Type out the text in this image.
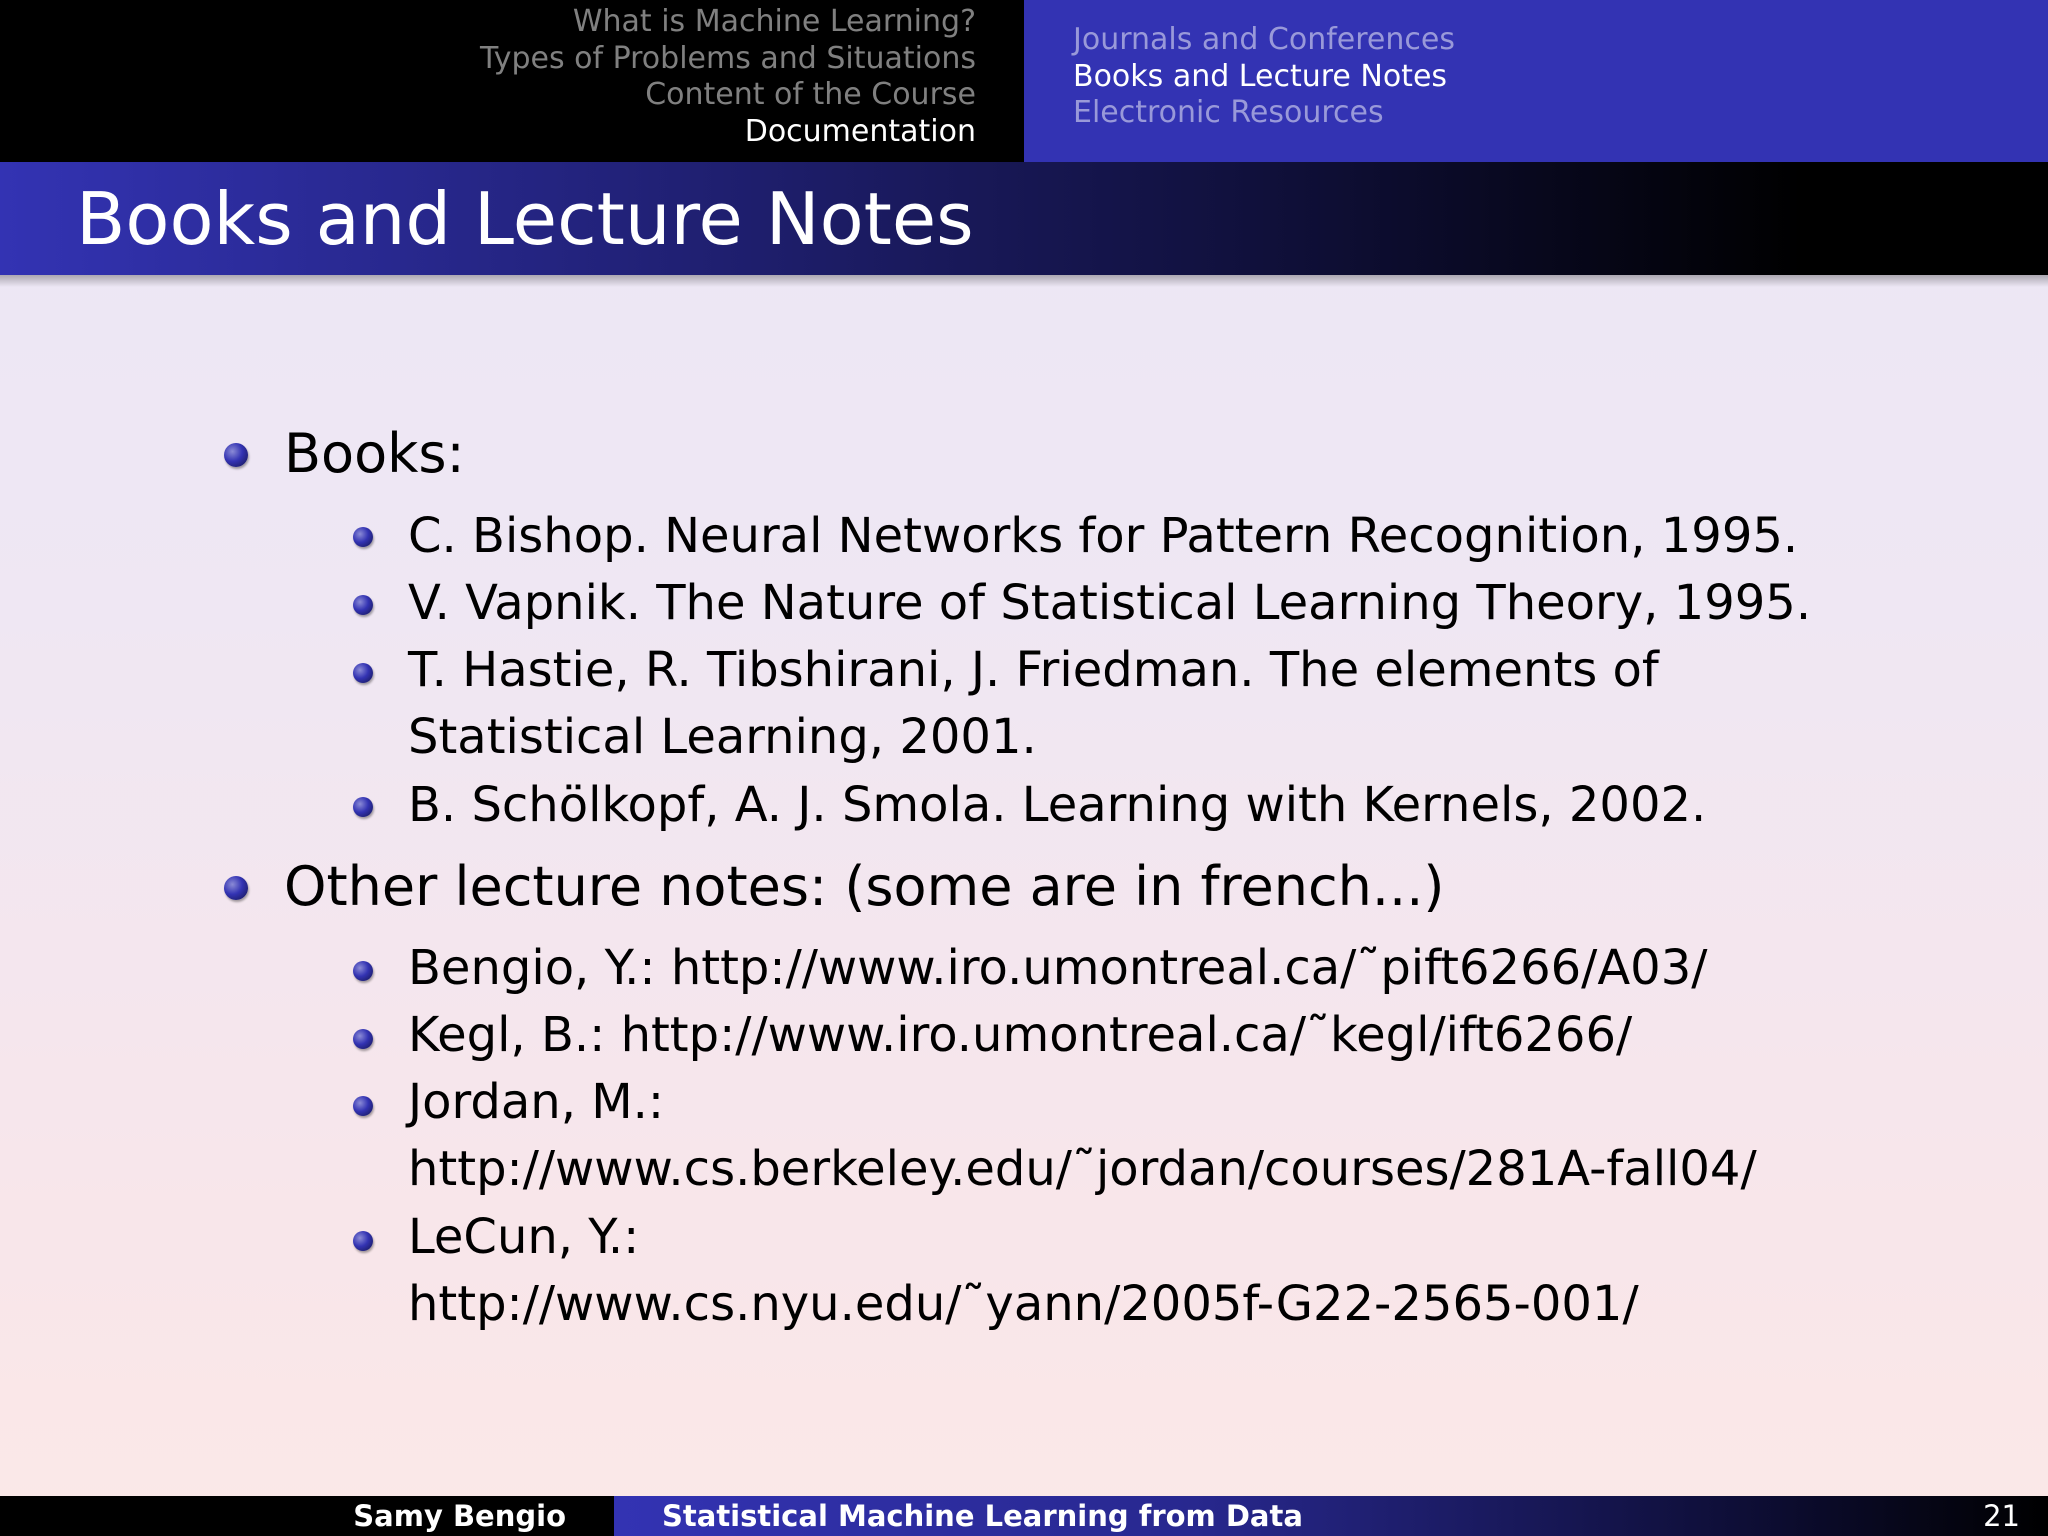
What is Machine Learning?
Types of Problems and Situations
Content of the Course
Documentation
Journals and Conferences
Books and Lecture Notes
Electronic Resources
Books and Lecture Notes
Books:
C. Bishop. Neural Networks for Pattern Recognition, 1995.
V. Vapnik. The Nature of Statistical Learning Theory, 1995.
T. Hastie, R. Tibshirani, J. Friedman. The elements of
Statistical Learning, 2001.
B. Schölkopf, A. J. Smola. Learning with Kernels, 2002.
Other lecture notes: (some are in french...)
Bengio, Y.: http://www.iro.umontreal.ca/˜pift6266/A03/
Kegl, B.: http://www.iro.umontreal.ca/˜kegl/ift6266/
Jordan, M.:
http://www.cs.berkeley.edu/˜jordan/courses/281A-fall04/
LeCun, Y.:
http://www.cs.nyu.edu/˜yann/2005f-G22-2565-001/
Samy Bengio	Statistical Machine Learning from Data	21
